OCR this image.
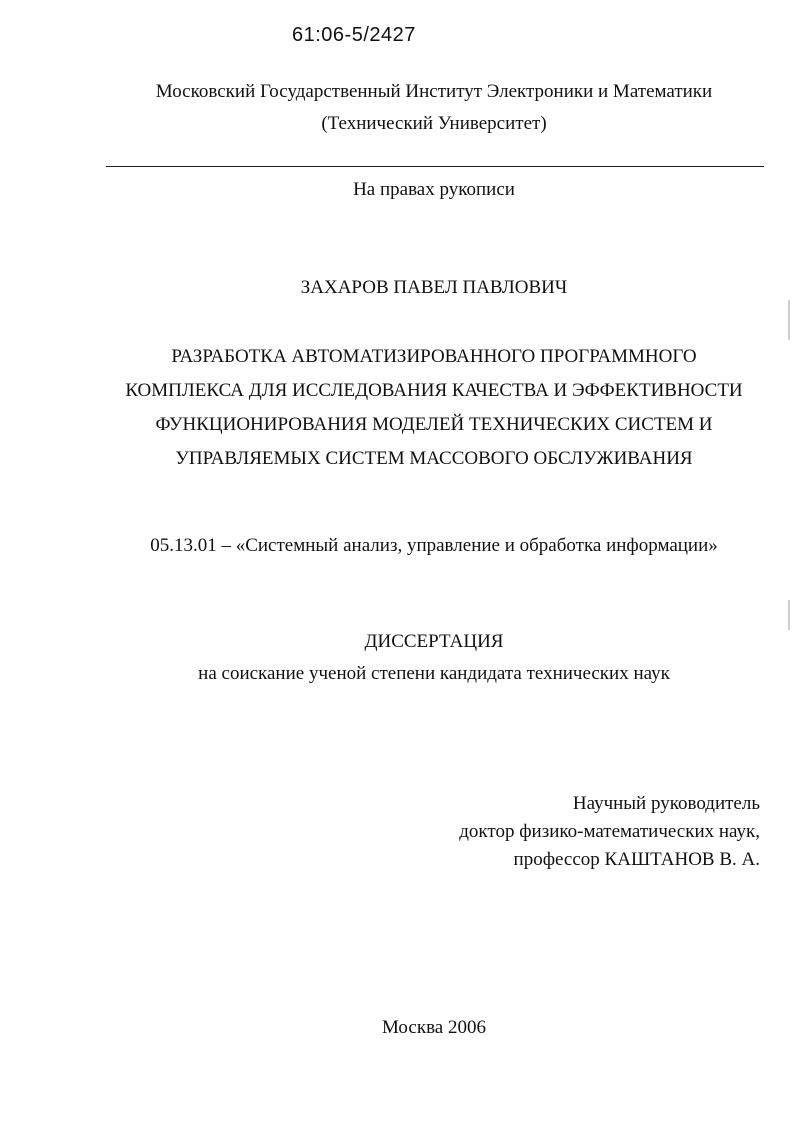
61:06-5/2427
Московский Государственный Институт Электроники и Математики
(Технический Университет)
На правах рукописи
ЗАХАРОВ ПАВЕЛ ПАВЛОВИЧ
РАЗРАБОТКА АВТОМАТИЗИРОВАННОГО ПРОГРАММНОГО
КОМПЛЕКСА ДЛЯ ИССЛЕДОВАНИЯ КАЧЕСТВА И ЭФФЕКТИВНОСТИ
ФУНКЦИОНИРОВАНИЯ МОДЕЛЕЙ ТЕХНИЧЕСКИХ СИСТЕМ И
УПРАВЛЯЕМЫХ СИСТЕМ МАССОВОГО ОБСЛУЖИВАНИЯ
05.13.01 – «Системный анализ, управление и обработка информации»
ДИССЕРТАЦИЯ
на соискание ученой степени кандидата технических наук
Научный руководитель
доктор физико-математических наук,
профессор КАШТАНОВ В. А.
Москва 2006
